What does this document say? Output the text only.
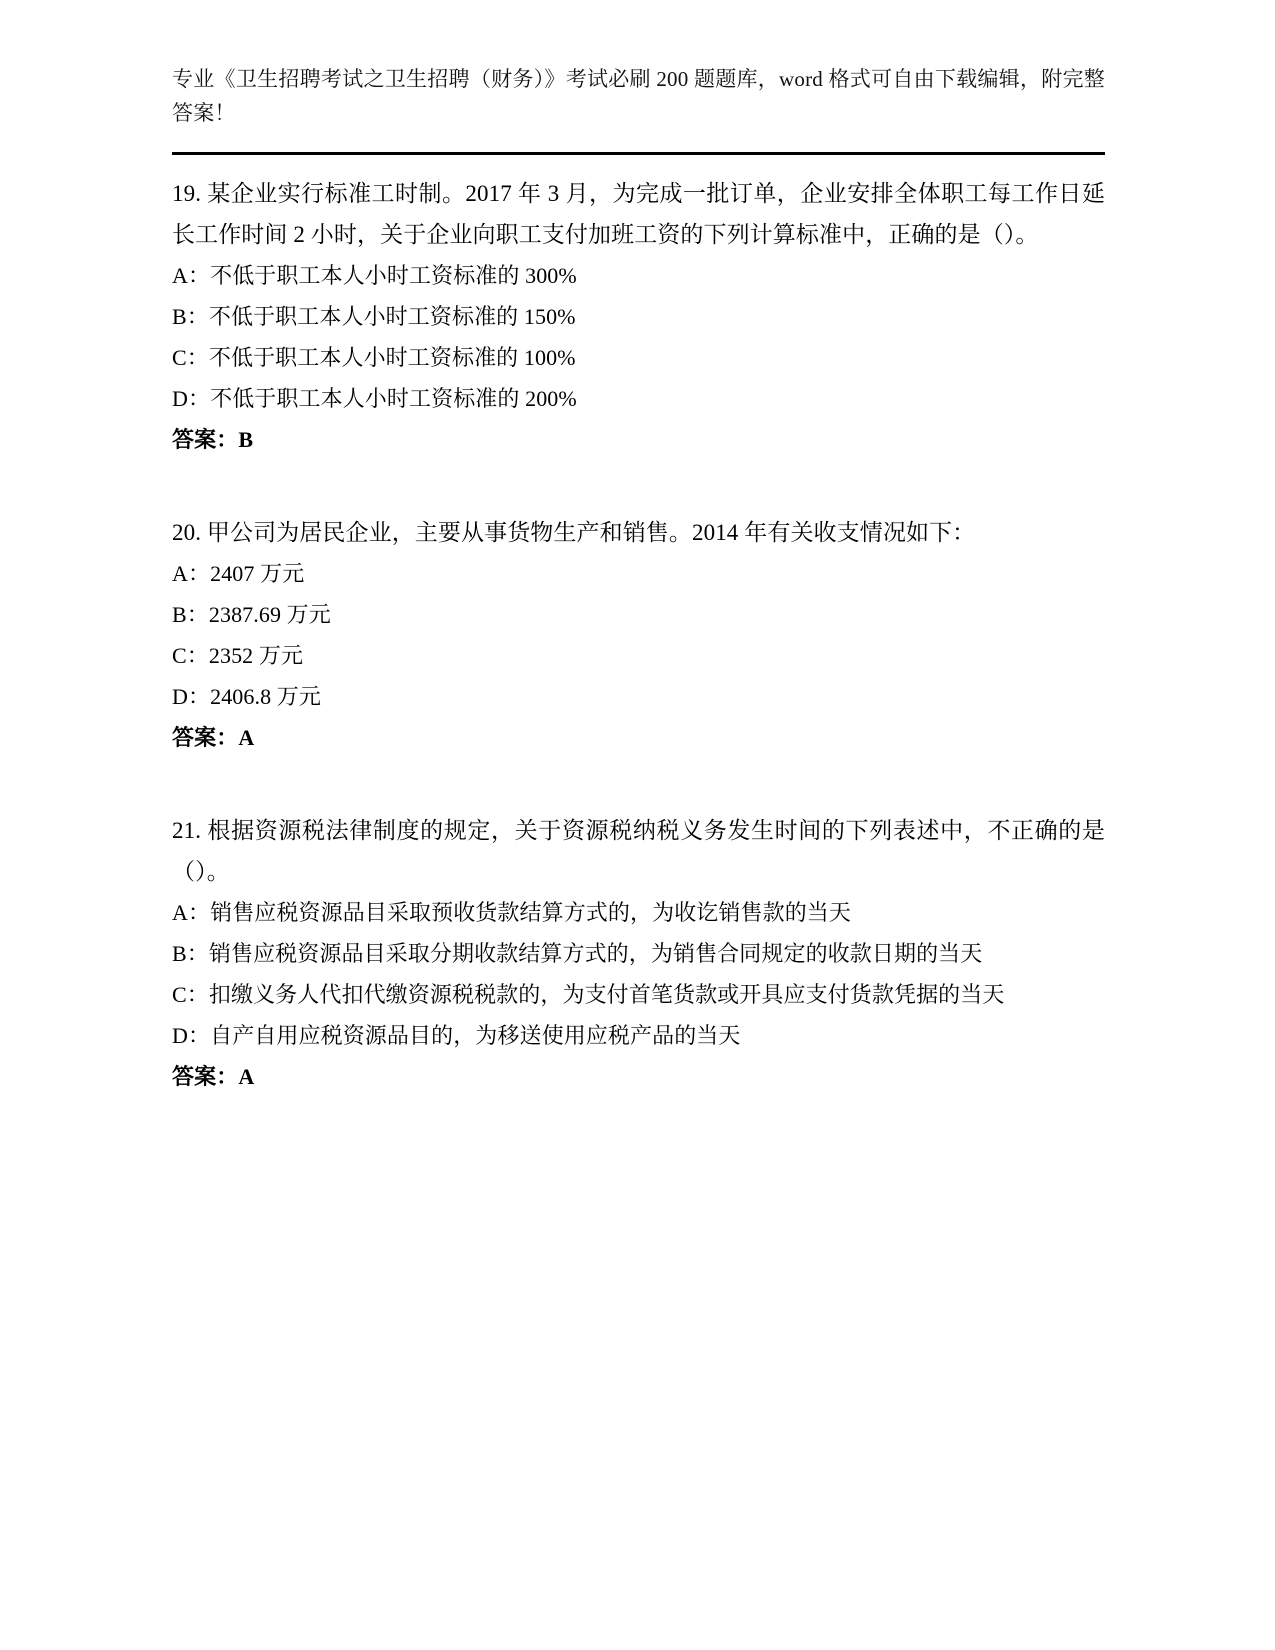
专业《卫生招聘考试之卫生招聘（财务）》考试必刷 200 题题库，word 格式可自由下载编辑，附完整答案！
19. 某企业实行标准工时制。2017 年 3 月，为完成一批订单，企业安排全体职工每工作日延长工作时间 2 小时，关于企业向职工支付加班工资的下列计算标准中，正确的是（）。
A：不低于职工本人小时工资标准的 300%
B：不低于职工本人小时工资标准的 150%
C：不低于职工本人小时工资标准的 100%
D：不低于职工本人小时工资标准的 200%
答案：B
20. 甲公司为居民企业，主要从事货物生产和销售。2014 年有关收支情况如下：
A：2407 万元
B：2387.69 万元
C：2352 万元
D：2406.8 万元
答案：A
21. 根据资源税法律制度的规定，关于资源税纳税义务发生时间的下列表述中，不正确的是（）。
A：销售应税资源品目采取预收货款结算方式的，为收讫销售款的当天
B：销售应税资源品目采取分期收款结算方式的，为销售合同规定的收款日期的当天
C：扣缴义务人代扣代缴资源税税款的，为支付首笔货款或开具应支付货款凭据的当天
D：自产自用应税资源品目的，为移送使用应税产品的当天
答案：A
